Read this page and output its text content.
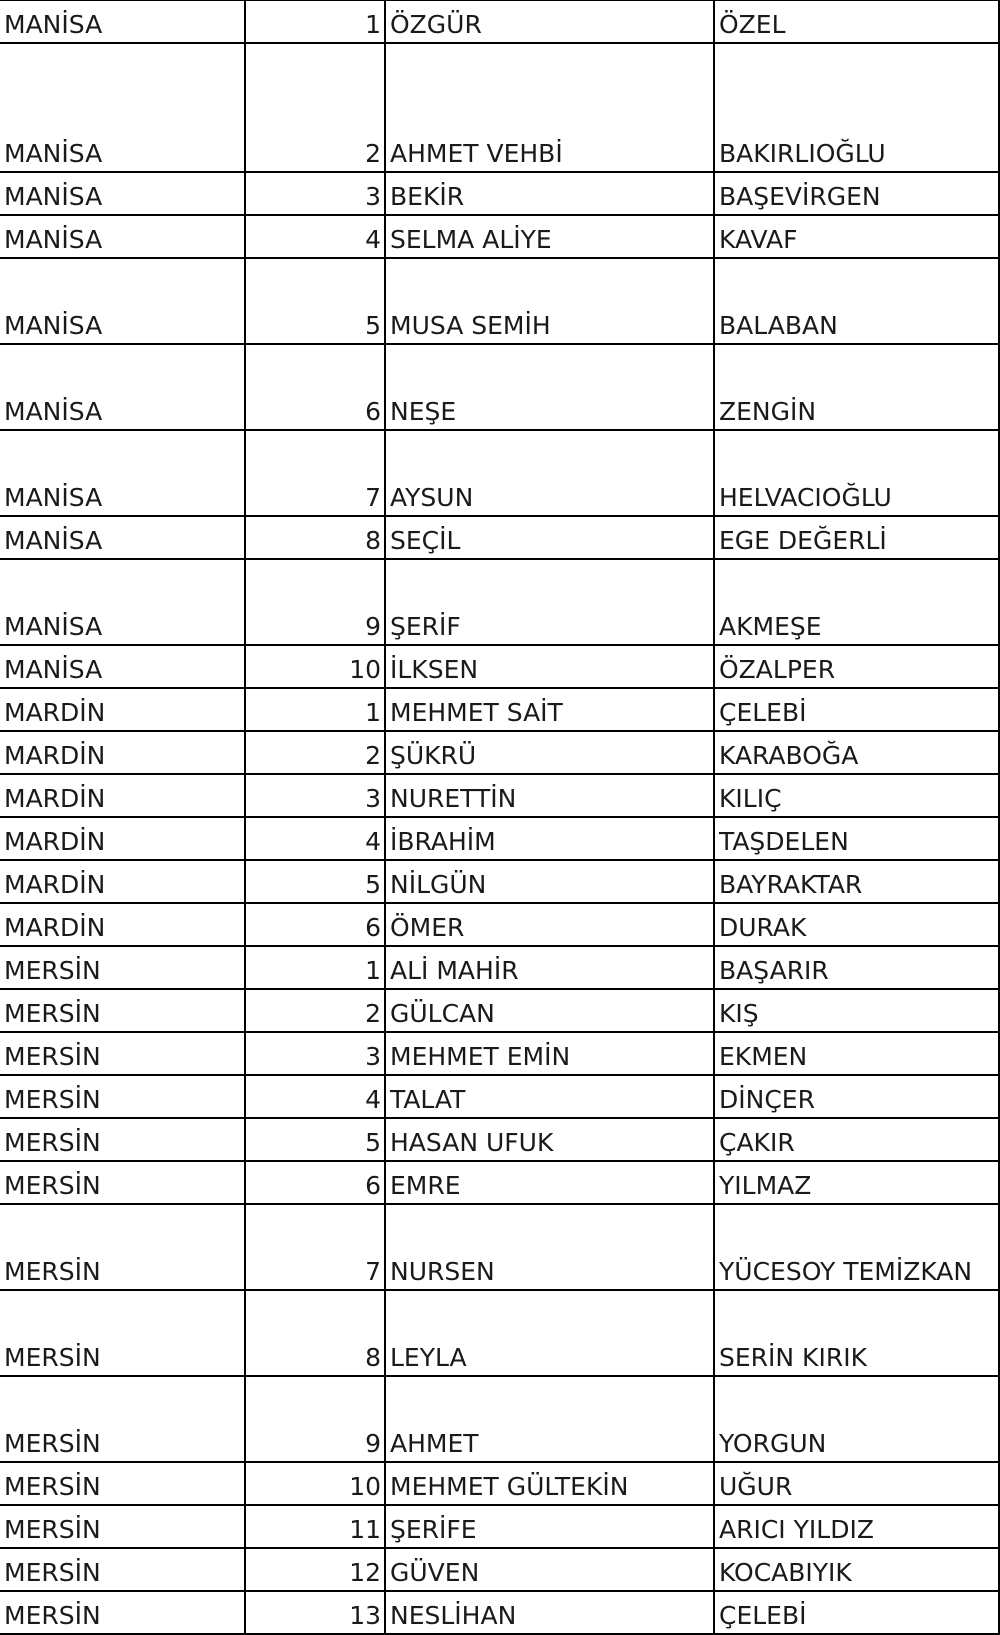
MANİSA	1	ÖZGÜR	ÖZEL
MANİSA	2	AHMET VEHBİ	BAKIRLIOĞLU
MANİSA	3	BEKİR	BAŞEVİRGEN
MANİSA	4	SELMA ALİYE	KAVAF
MANİSA	5	MUSA SEMİH	BALABAN
MANİSA	6	NEŞE	ZENGİN
MANİSA	7	AYSUN	HELVACIOĞLU
MANİSA	8	SEÇİL	EGE DEĞERLİ
MANİSA	9	ŞERİF	AKMEŞE
MANİSA	10	İLKSEN	ÖZALPER
MARDİN	1	MEHMET SAİT	ÇELEBİ
MARDİN	2	ŞÜKRÜ	KARABOĞA
MARDİN	3	NURETTİN	KILIÇ
MARDİN	4	İBRAHİM	TAŞDELEN
MARDİN	5	NİLGÜN	BAYRAKTAR
MARDİN	6	ÖMER	DURAK
MERSİN	1	ALİ MAHİR	BAŞARIR
MERSİN	2	GÜLCAN	KIŞ
MERSİN	3	MEHMET EMİN	EKMEN
MERSİN	4	TALAT	DİNÇER
MERSİN	5	HASAN UFUK	ÇAKIR
MERSİN	6	EMRE	YILMAZ
MERSİN	7	NURSEN	YÜCESOY TEMİZKAN
MERSİN	8	LEYLA	SERİN KIRIK
MERSİN	9	AHMET	YORGUN
MERSİN	10	MEHMET GÜLTEKİN	UĞUR
MERSİN	11	ŞERİFE	ARICI YILDIZ
MERSİN	12	GÜVEN	KOCABIYIK
MERSİN	13	NESLİHAN	ÇELEBİ
